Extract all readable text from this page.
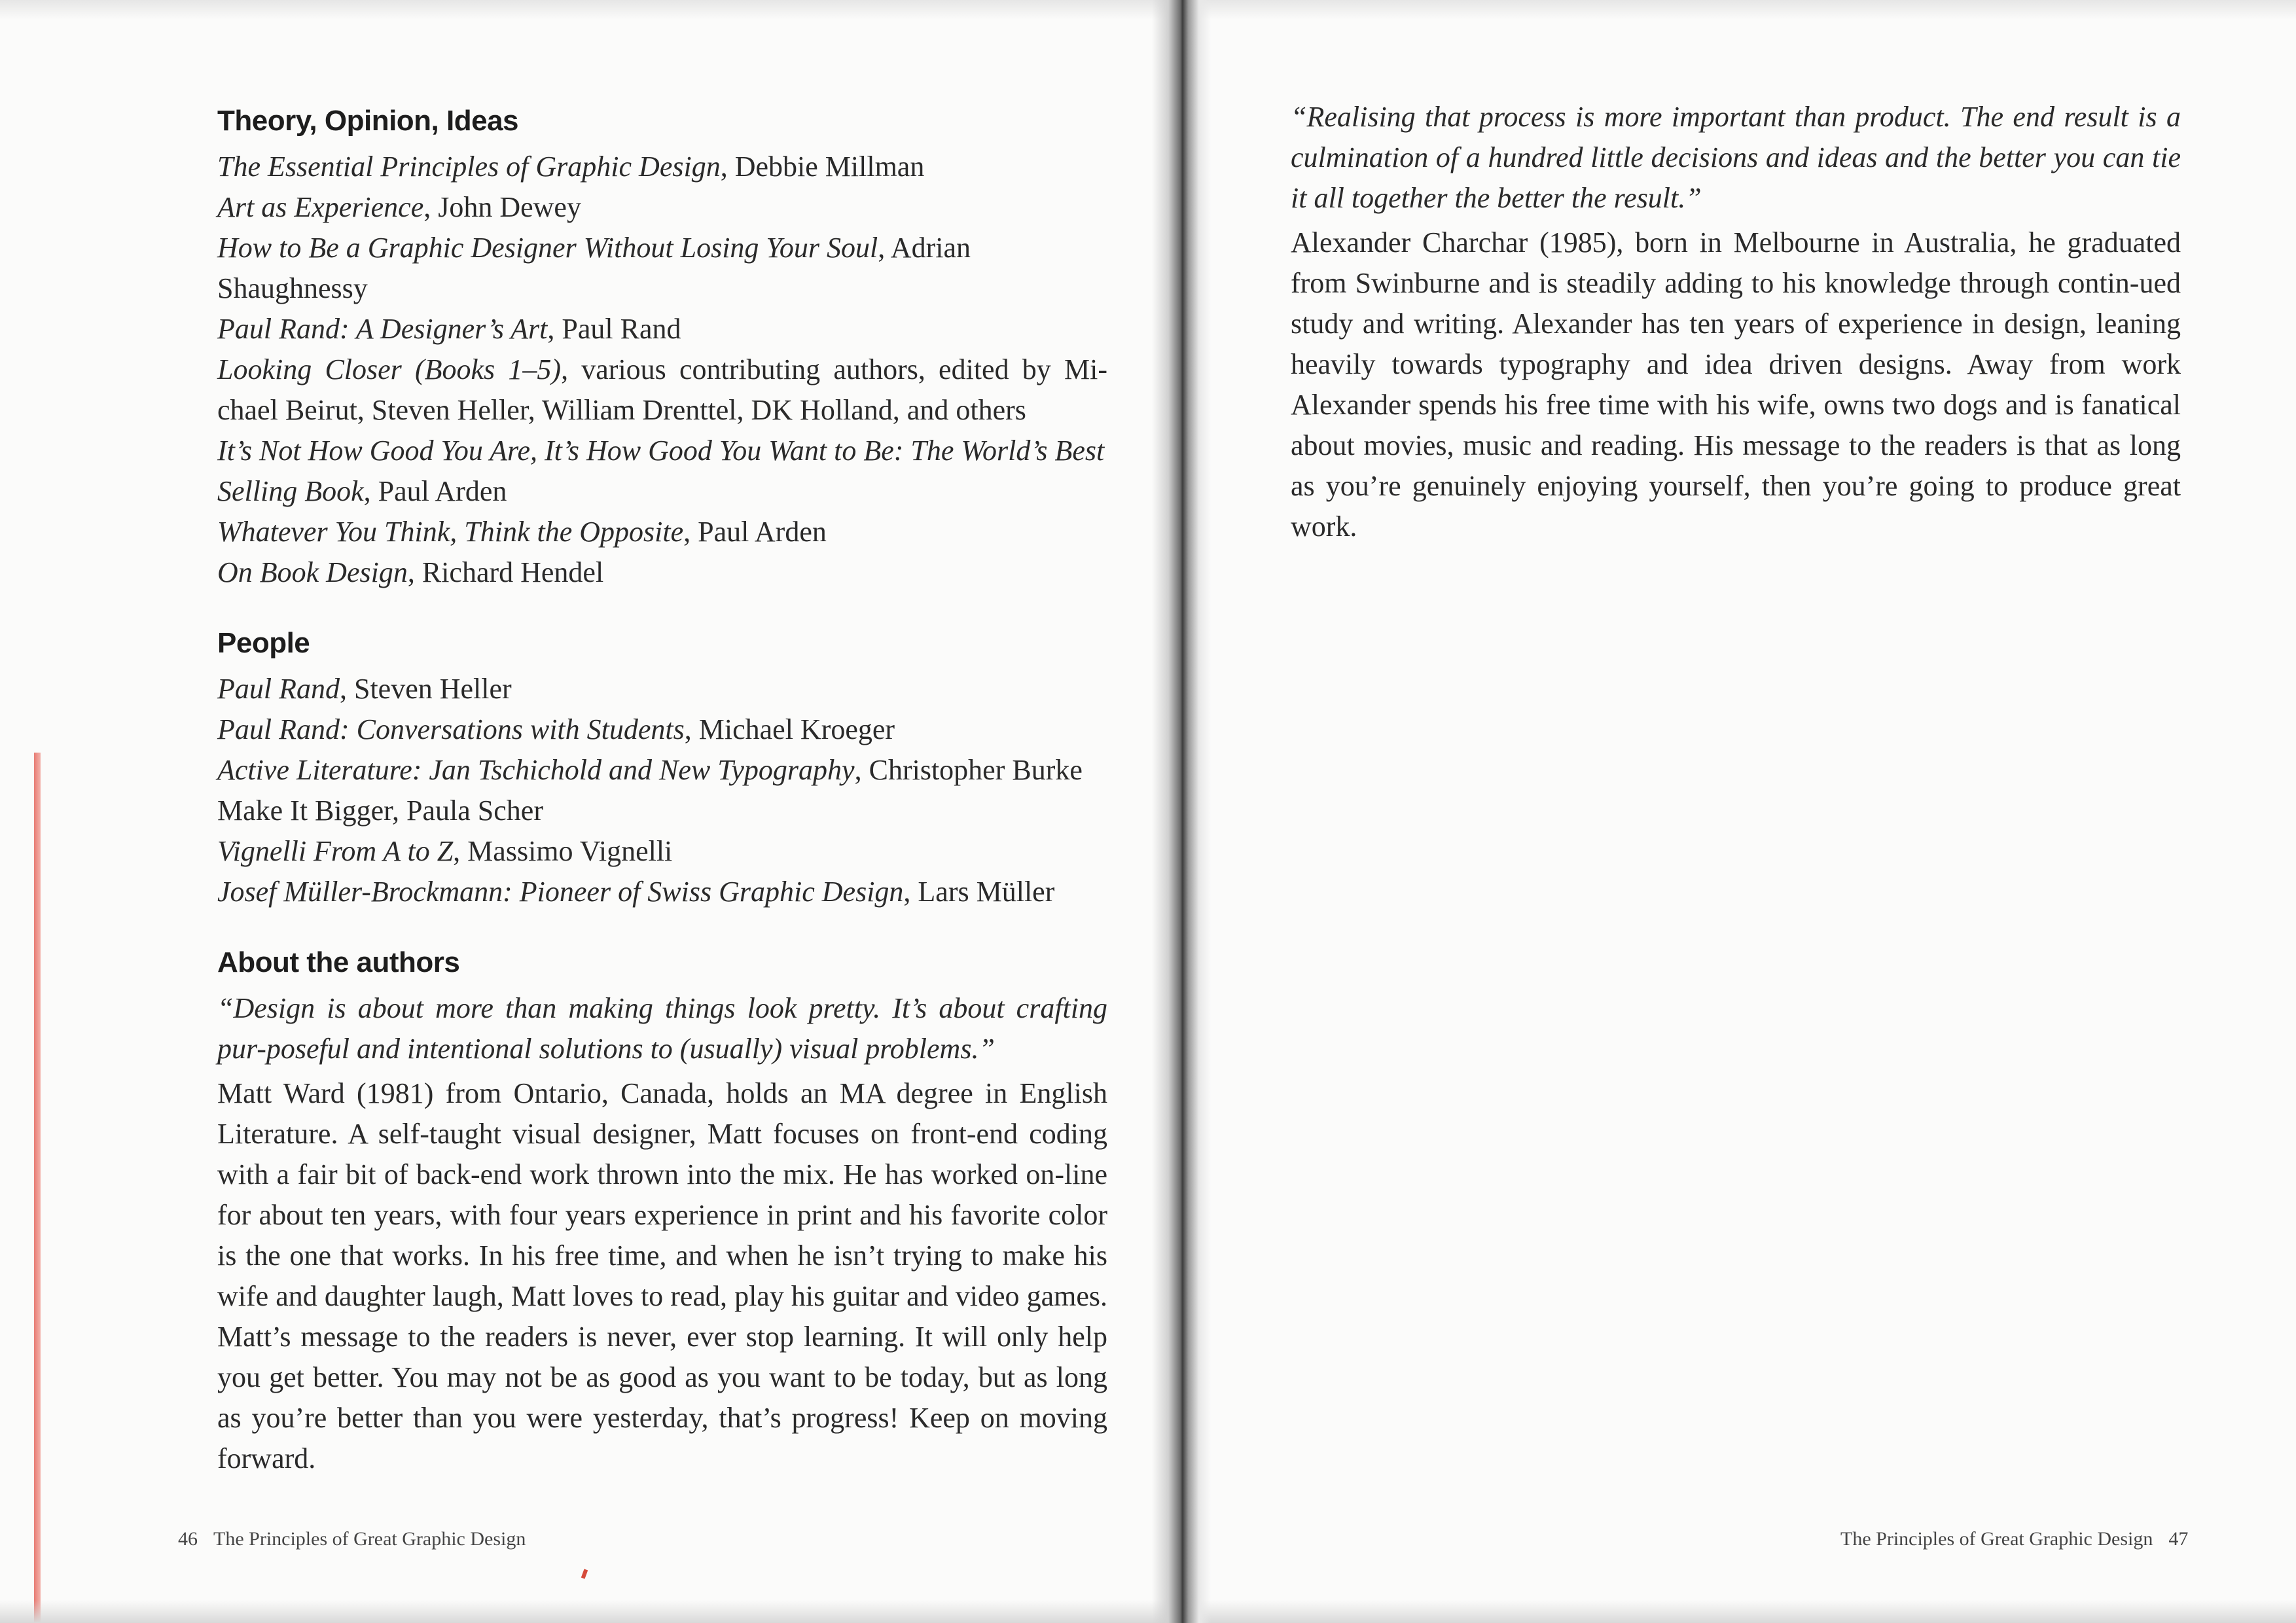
Theory, Opinion, Ideas

The Essential Principles of Graphic Design, Debbie Millman

Art as Experience, John Dewey

How to Be a Graphic Designer Without Losing Your Soul, Adrian Shaughnessy

Paul Rand: A Designer’s Art, Paul Rand

Looking Closer (Books 1–5), various contributing authors, edited by Mi-chael Beirut, Steven Heller, William Drenttel, DK Holland, and others

It’s Not How Good You Are, It’s How Good You Want to Be: The World’s Best Selling Book, Paul Arden

Whatever You Think, Think the Opposite, Paul Arden

On Book Design, Richard Hendel

People

Paul Rand, Steven Heller

Paul Rand: Conversations with Students, Michael Kroeger

Active Literature: Jan Tschichold and New Typography, Christopher Burke

Make It Bigger, Paula Scher

Vignelli From A to Z, Massimo Vignelli

Josef Müller-Brockmann: Pioneer of Swiss Graphic Design, Lars Müller

About the authors

“Design is about more than making things look pretty. It’s about crafting pur-poseful and intentional solutions to (usually) visual problems.”

Matt Ward (1981) from Ontario, Canada, holds an MA degree in English Literature. A self-taught visual designer, Matt focuses on front-end coding with a fair bit of back-end work thrown into the mix. He has worked on-line for about ten years, with four years experience in print and his favorite color is the one that works. In his free time, and when he isn’t trying to make his wife and daughter laugh, Matt loves to read, play his guitar and video games. Matt’s message to the readers is never, ever stop learning. It will only help you get better. You may not be as good as you want to be today, but as long as you’re better than you were yesterday, that’s progress! Keep on moving forward.

46 The Principles of Great Graphic Design

“Realising that process is more important than product. The end result is a culmination of a hundred little decisions and ideas and the better you can tie it all together the better the result.”

Alexander Charchar (1985), born in Melbourne in Australia, he graduated from Swinburne and is steadily adding to his knowledge through contin-ued study and writing. Alexander has ten years of experience in design, leaning heavily towards typography and idea driven designs. Away from work Alexander spends his free time with his wife, owns two dogs and is fanatical about movies, music and reading. His message to the readers is that as long as you’re genuinely enjoying yourself, then you’re going to produce great work.

The Principles of Great Graphic Design 47
